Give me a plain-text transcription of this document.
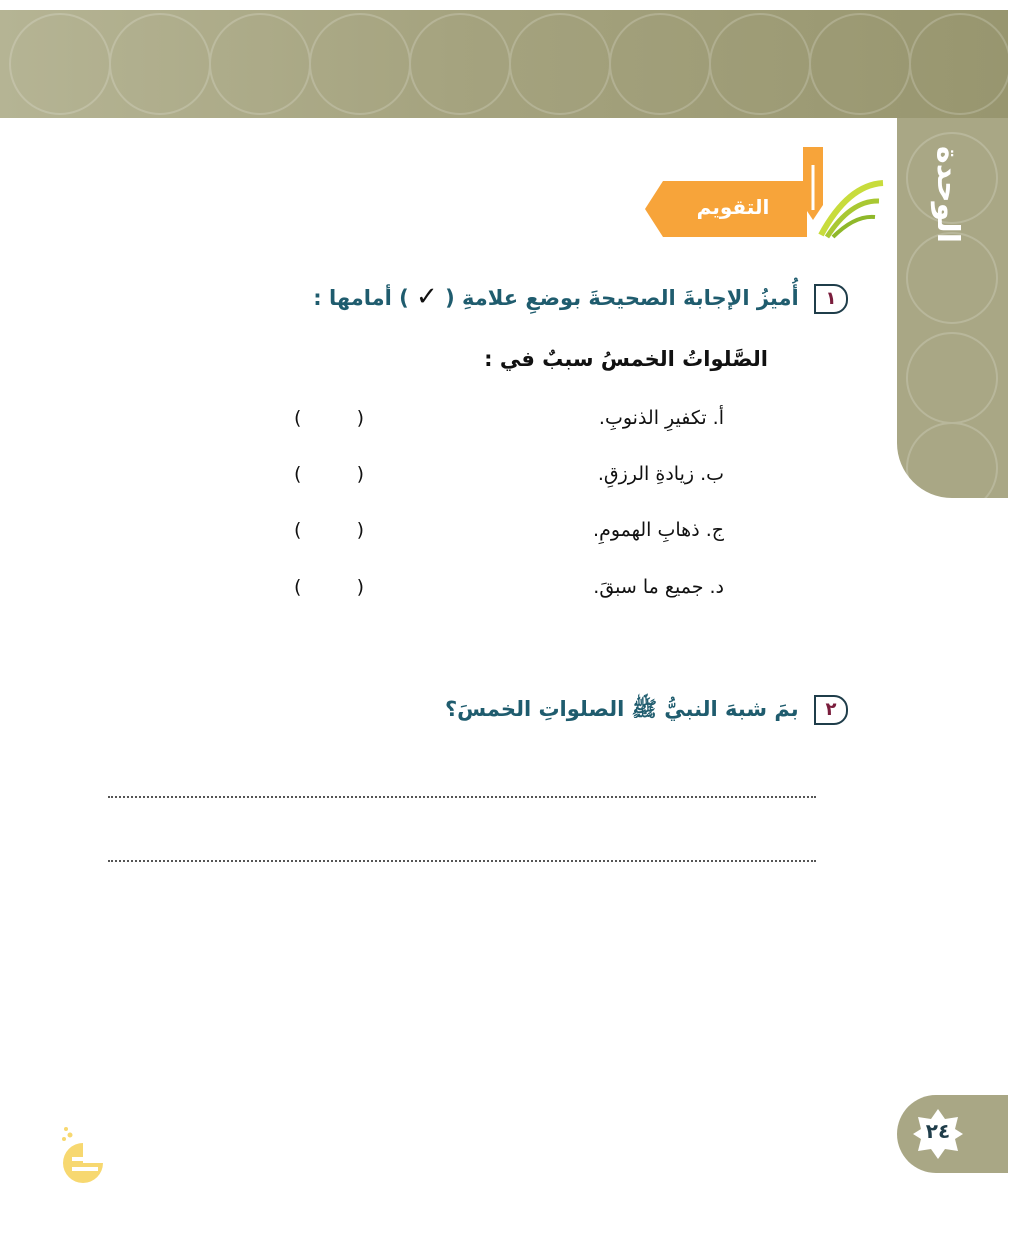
الوحدة الأولى
التقويم
١ أُميزُ الإجابةَ الصحيحةَ بوضعِ علامةِ ( ✓ ) أمامها :
الصَّلواتُ الخمسُ سببٌ في :
أ. تكفيرِ الذنوبِ.
(
)
ب. زيادةِ الرزقِ.
(
)
ج. ذهابِ الهمومِ.
(
)
د. جميع ما سبقَ.
(
)
٢ بمَ شبهَ النبيُّ ﷺ الصلواتِ الخمسَ؟
٢٤
